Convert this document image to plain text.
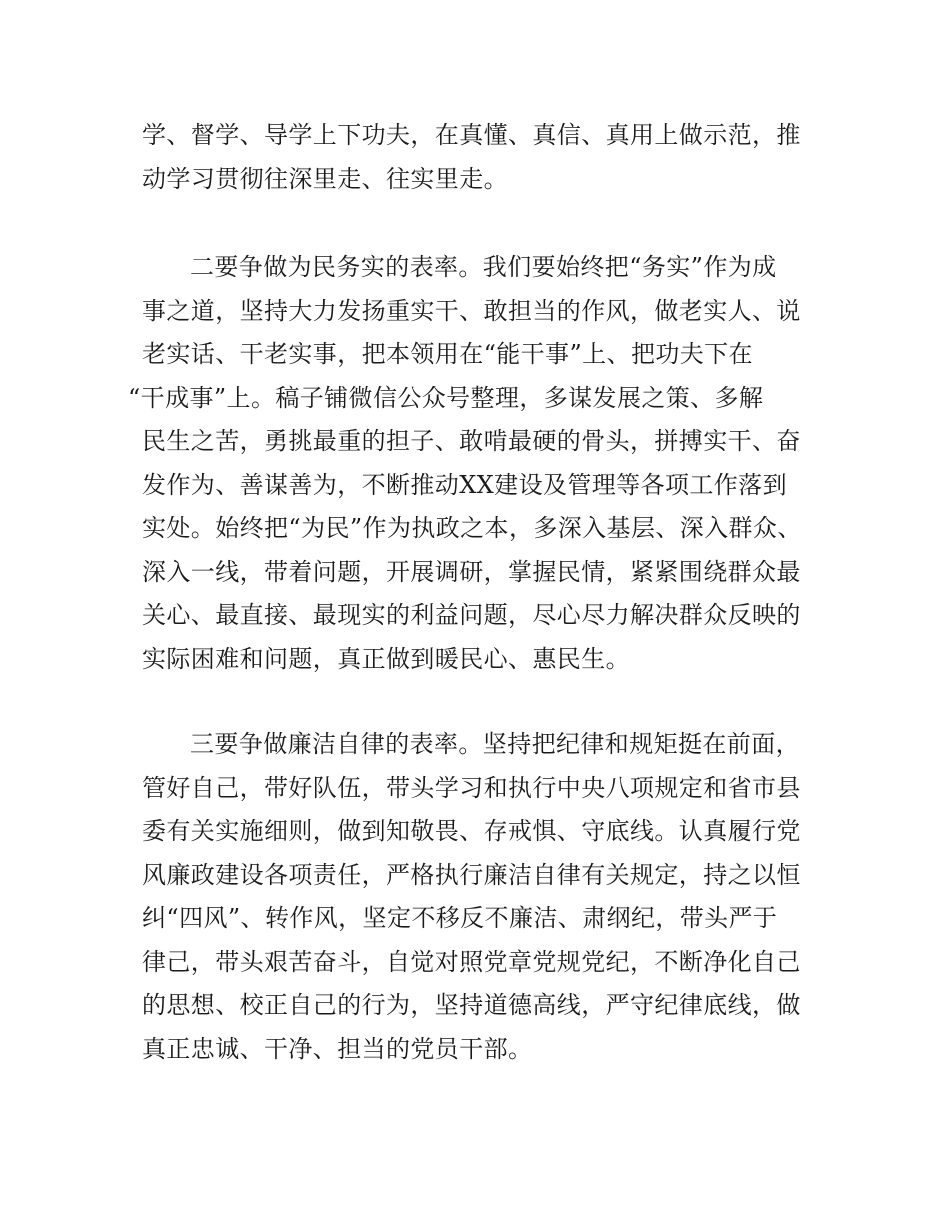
学、督学、导学上下功夫，在真懂、真信、真用上做示范，推
动学习贯彻往深里走、往实里走。
二要争做为民务实的表率。我们要始终把“务实”作为成
事之道，坚持大力发扬重实干、敢担当的作风，做老实人、说
老实话、干老实事，把本领用在“能干事”上、把功夫下在
“干成事”上。稿子铺微信公众号整理，多谋发展之策、多解
民生之苦，勇挑最重的担子、敢啃最硬的骨头，拼搏实干、奋
发作为、善谋善为，不断推动XX建设及管理等各项工作落到
实处。始终把“为民”作为执政之本，多深入基层、深入群众、
深入一线，带着问题，开展调研，掌握民情，紧紧围绕群众最
关心、最直接、最现实的利益问题，尽心尽力解决群众反映的
实际困难和问题，真正做到暖民心、惠民生。
三要争做廉洁自律的表率。坚持把纪律和规矩挺在前面，
管好自己，带好队伍，带头学习和执行中央八项规定和省市县
委有关实施细则，做到知敬畏、存戒惧、守底线。认真履行党
风廉政建设各项责任，严格执行廉洁自律有关规定，持之以恒
纠“四风”、转作风，坚定不移反不廉洁、肃纲纪，带头严于
律己，带头艰苦奋斗，自觉对照党章党规党纪，不断净化自己
的思想、校正自己的行为，坚持道德高线，严守纪律底线，做
真正忠诚、干净、担当的党员干部。
